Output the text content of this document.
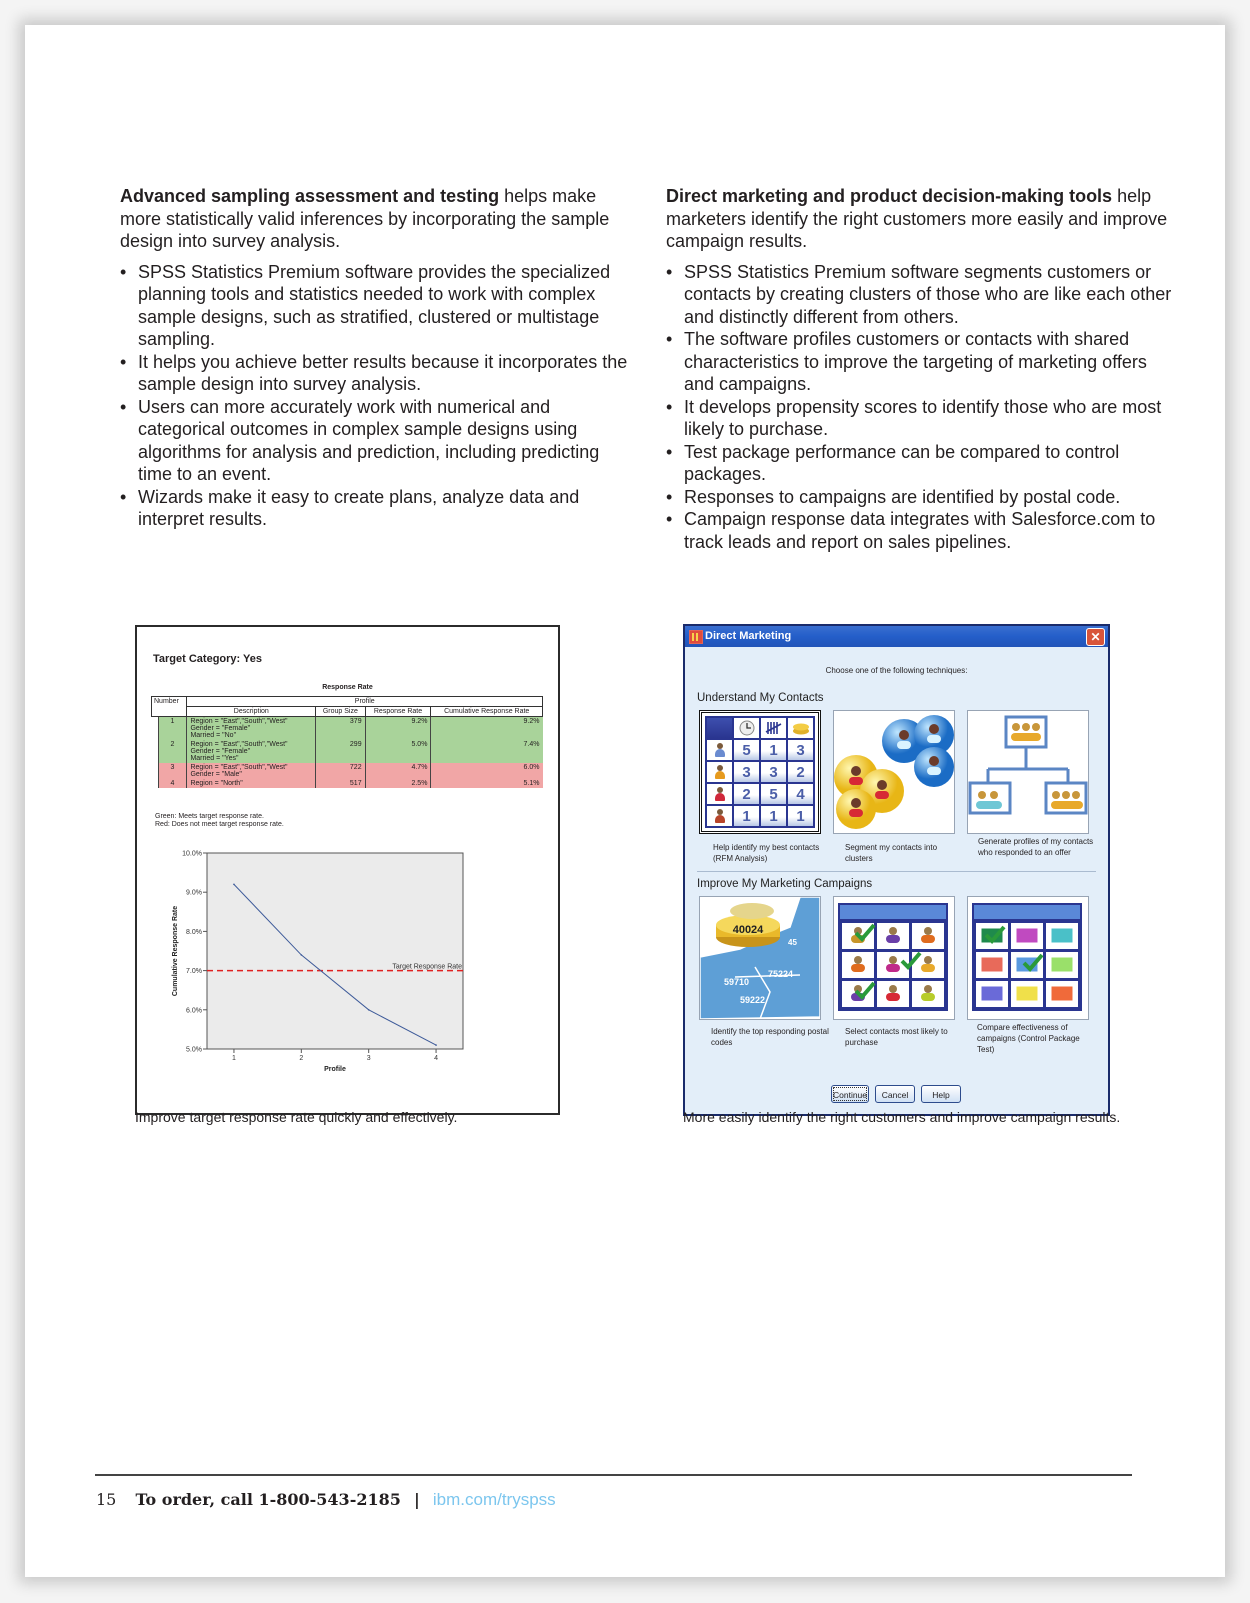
Advanced sampling assessment and testing helps make more statistically valid inferences by incorporating the sample design into survey analysis.

• SPSS Statistics Premium software provides the specialized planning tools and statistics needed to work with complex sample designs, such as stratified, clustered or multistage sampling.
• It helps you achieve better results because it incorporates the sample design into survey analysis.
• Users can more accurately work with numerical and categorical outcomes in complex sample designs using algorithms for analysis and prediction, including predicting time to an event.
• Wizards make it easy to create plans, analyze data and interpret results.

Direct marketing and product decision-making tools help marketers identify the right customers more easily and improve campaign results.

• SPSS Statistics Premium software segments customers or contacts by creating clusters of those who are like each other and distinctly different from others.
• The software profiles customers or contacts with shared characteristics to improve the targeting of marketing offers and campaigns.
• It develops propensity scores to identify those who are most likely to purchase.
• Test package performance can be compared to control packages.
• Responses to campaigns are identified by postal code.
• Campaign response data integrates with Salesforce.com to track leads and report on sales pipelines.
Target Category: Yes
Response Rate
Number		Profile			
		Description	Group Size	Response Rate	Cumulative Response Rate
	1	Region = "East","South","West"
Gender = "Female"
Married = "No"	379	9.2%	9.2%
	2	Region = "East","South","West"
Gender = "Female"
Married = "Yes"	299	5.0%	7.4%
	3	Region = "East","South","West"
Gender = "Male"	722	4.7%	6.0%
	4	Region = "North"	517	2.5%	5.1%
Green: Meets target response rate.
Red: Does not meet target response rate.
5.0%
6.0%
7.0%
8.0%
9.0%
10.0%
1	2	3	4
Target Response Rate
Profile
Cumulative Response Rate
Improve target response rate quickly and effectively.
Direct Marketing	✕
Choose one of the following techniques:
Understand My Contacts
5	1	3
3	3	2
2	5	4
1	1	1
Help identify my best contacts (RFM Analysis)
Segment my contacts into clusters
Generate profiles of my contacts who responded to an offer
Improve My Marketing Campaigns
40024
45
75224
59710
59222
Identify the top responding postal codes
Select contacts most likely to purchase
Compare effectiveness of campaigns (Control Package Test)
Continue	Cancel	Help
More easily identify the right customers and improve campaign results.
15 To order, call 1-800-543-2185 | ibm.com/tryspss
